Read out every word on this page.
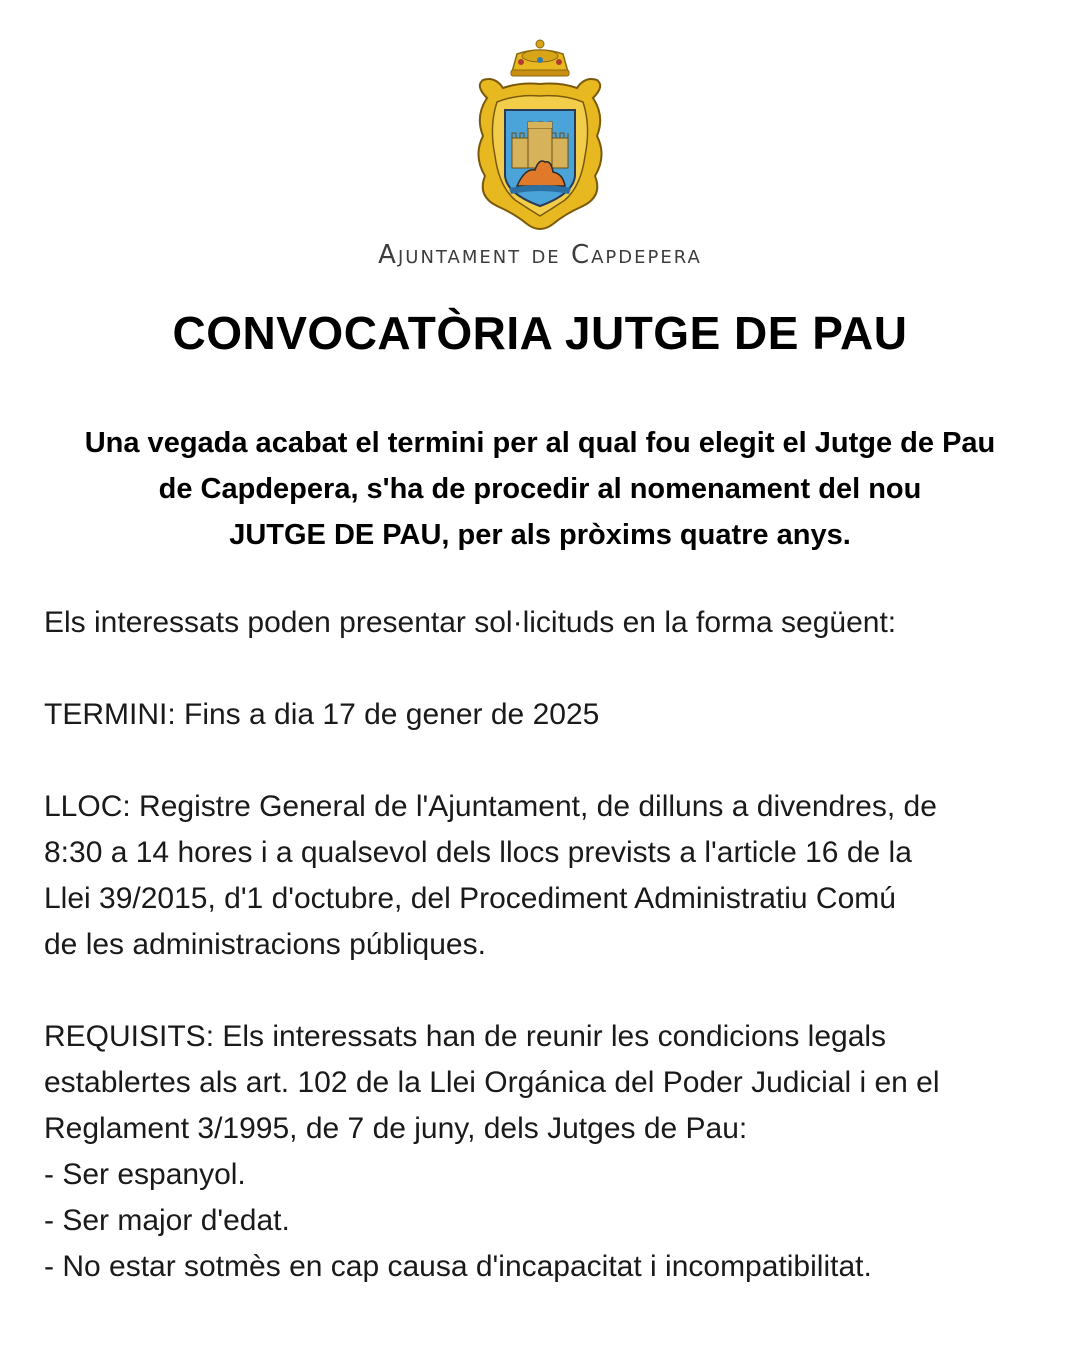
Ajuntament de Capdepera
CONVOCATÒRIA JUTGE DE PAU
Una vegada acabat el termini per al qual fou elegit el Jutge de Pau
de Capdepera, s'ha de procedir al nomenament del nou
JUTGE DE PAU, per als pròxims quatre anys.
Els interessats poden presentar sol·licituds en la forma següent:
TERMINI: Fins a dia 17 de gener de 2025
LLOC: Registre General de l'Ajuntament, de dilluns a divendres, de
8:30 a 14 hores i a qualsevol dels llocs prevists a l'article 16 de la
Llei 39/2015, d'1 d'octubre, del Procediment Administratiu Comú
de les administracions públiques.
REQUISITS: Els interessats han de reunir les condicions legals
establertes als art. 102 de la Llei Orgánica del Poder Judicial i en el
Reglament 3/1995, de 7 de juny, dels Jutges de Pau:
- Ser espanyol.
- Ser major d'edat.
- No estar sotmès en cap causa d'incapacitat i incompatibilitat.
